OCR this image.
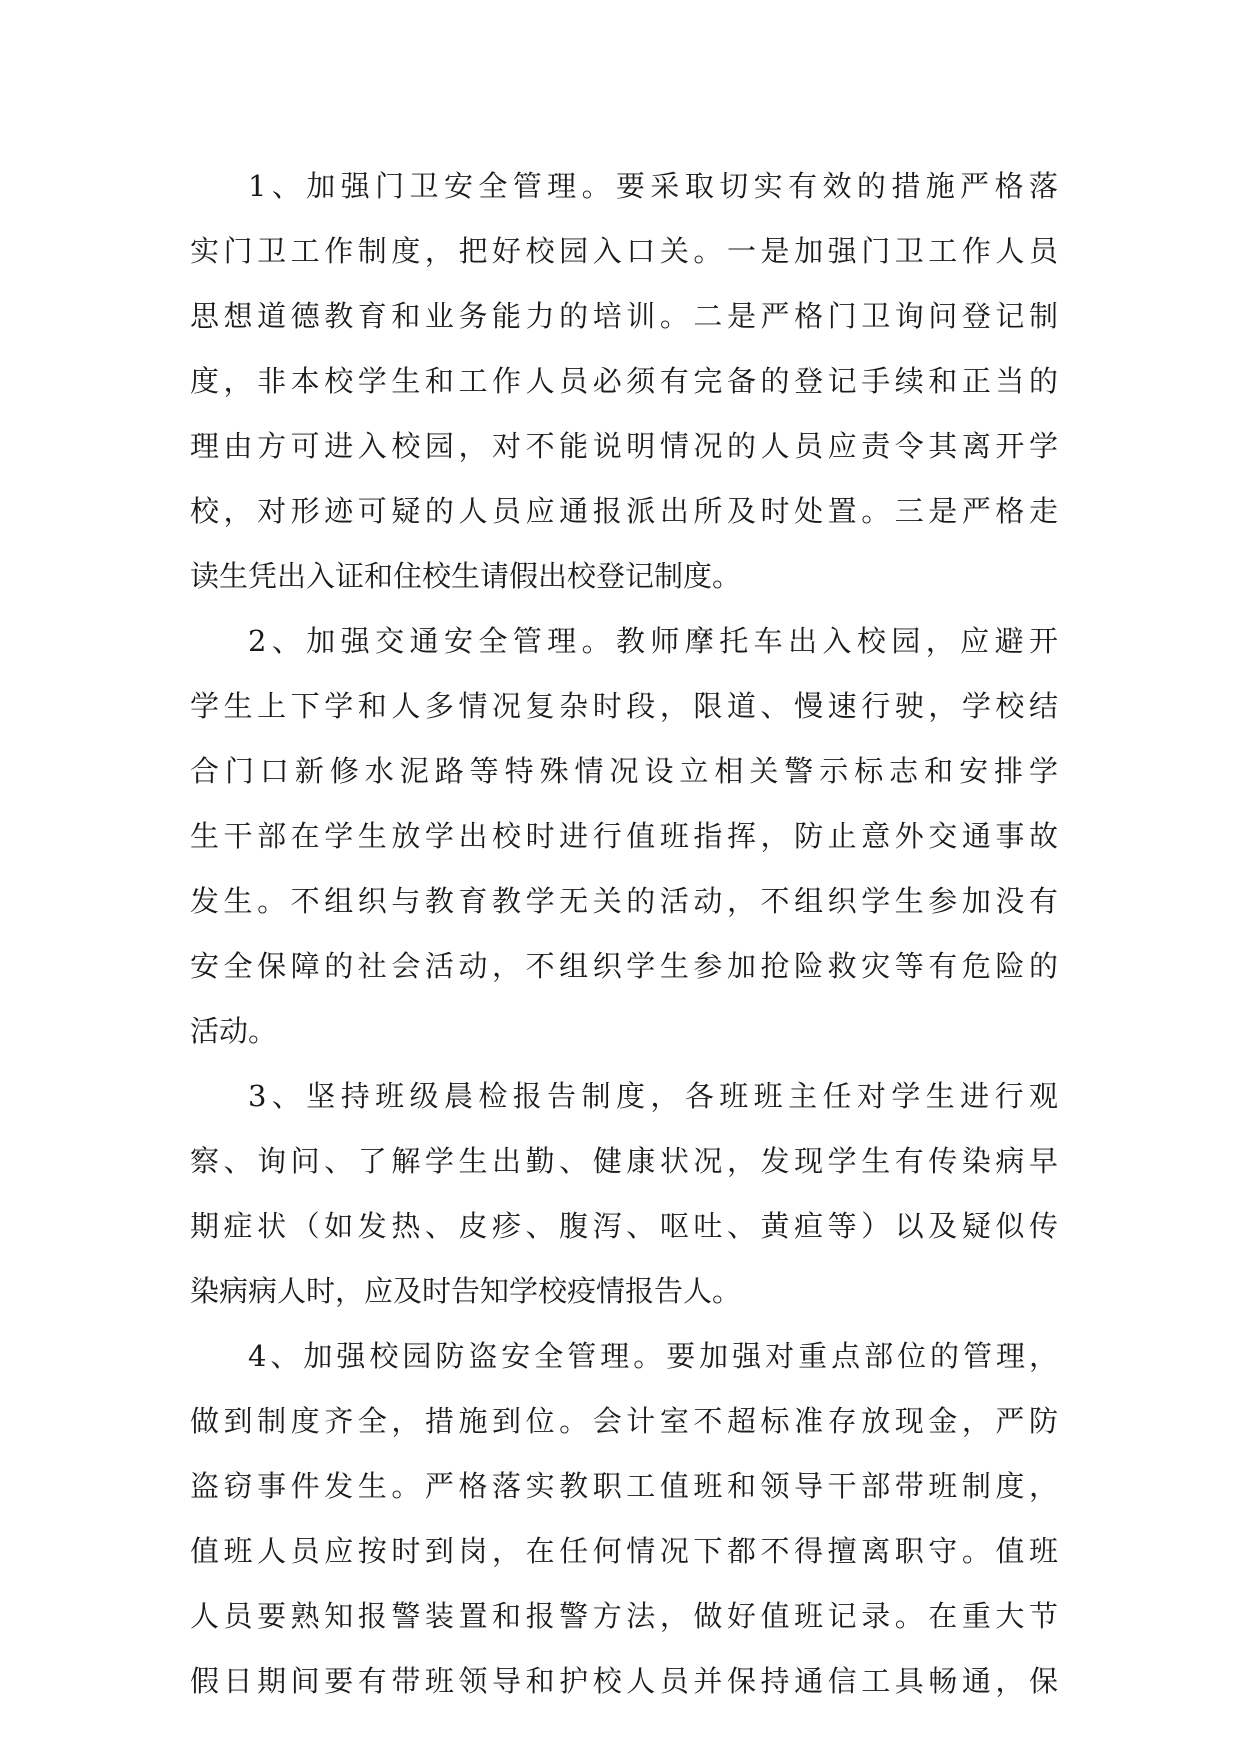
1、加强门卫安全管理。要采取切实有效的措施严格落
实门卫工作制度，把好校园入口关。一是加强门卫工作人员
思想道德教育和业务能力的培训。二是严格门卫询问登记制
度，非本校学生和工作人员必须有完备的登记手续和正当的
理由方可进入校园，对不能说明情况的人员应责令其离开学
校，对形迹可疑的人员应通报派出所及时处置。三是严格走
读生凭出入证和住校生请假出校登记制度。
2、加强交通安全管理。教师摩托车出入校园，应避开
学生上下学和人多情况复杂时段，限道、慢速行驶，学校结
合门口新修水泥路等特殊情况设立相关警示标志和安排学
生干部在学生放学出校时进行值班指挥，防止意外交通事故
发生。不组织与教育教学无关的活动，不组织学生参加没有
安全保障的社会活动，不组织学生参加抢险救灾等有危险的
活动。
3、坚持班级晨检报告制度，各班班主任对学生进行观
察、询问、了解学生出勤、健康状况，发现学生有传染病早
期症状（如发热、皮疹、腹泻、呕吐、黄疸等）以及疑似传
染病病人时，应及时告知学校疫情报告人。
4、加强校园防盗安全管理。要加强对重点部位的管理，
做到制度齐全，措施到位。会计室不超标准存放现金，严防
盗窃事件发生。严格落实教职工值班和领导干部带班制度，
值班人员应按时到岗，在任何情况下都不得擅离职守。值班
人员要熟知报警装置和报警方法，做好值班记录。在重大节
假日期间要有带班领导和护校人员并保持通信工具畅通，保
